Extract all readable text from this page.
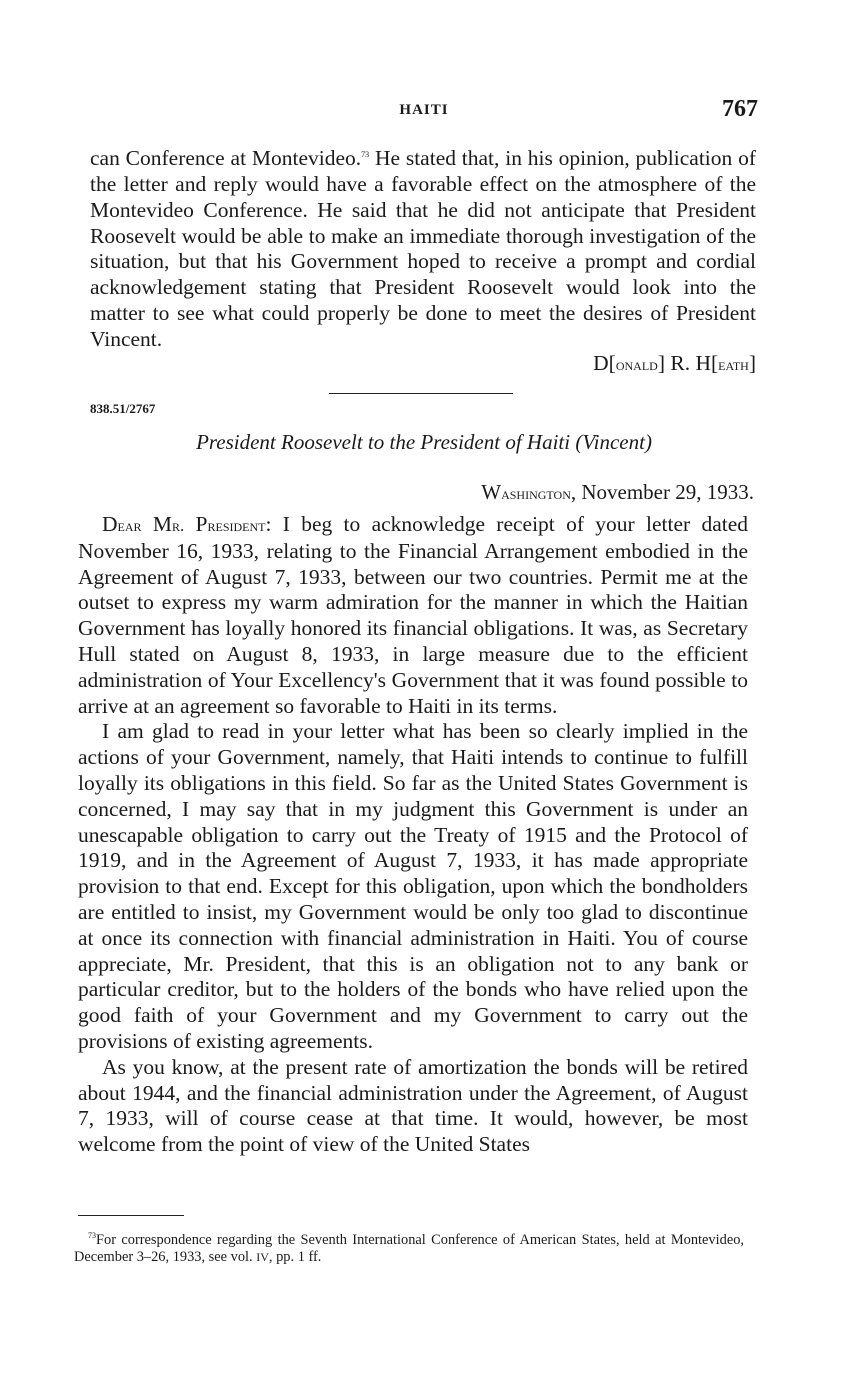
HAITI	767

can Conference at Montevideo.$^{73}$ He stated that, in his opinion, publication of the letter and reply would have a favorable effect on the atmosphere of the Montevideo Conference. He said that he did not anticipate that President Roosevelt would be able to make an immediate thorough investigation of the situation, but that his Government hoped to receive a prompt and cordial acknowledgement stating that President Roosevelt would look into the matter to see what could properly be done to meet the desires of President Vincent.

D[onald] R. H[eath]
838.51/2767
President Roosevelt to the President of Haiti (Vincent)
Washington, November 29, 1933.

Dear Mr. President: I beg to acknowledge receipt of your letter dated November 16, 1933, relating to the Financial Arrangement embodied in the Agreement of August 7, 1933, between our two countries. Permit me at the outset to express my warm admiration for the manner in which the Haitian Government has loyally honored its financial obligations. It was, as Secretary Hull stated on August 8, 1933, in large measure due to the efficient administration of Your Excellency's Government that it was found possible to arrive at an agreement so favorable to Haiti in its terms.

I am glad to read in your letter what has been so clearly implied in the actions of your Government, namely, that Haiti intends to continue to fulfill loyally its obligations in this field. So far as the United States Government is concerned, I may say that in my judgment this Government is under an unescapable obligation to carry out the Treaty of 1915 and the Protocol of 1919, and in the Agreement of August 7, 1933, it has made appropriate provision to that end. Except for this obligation, upon which the bondholders are entitled to insist, my Government would be only too glad to discontinue at once its connection with financial administration in Haiti. You of course appreciate, Mr. President, that this is an obligation not to any bank or particular creditor, but to the holders of the bonds who have relied upon the good faith of your Government and my Government to carry out the provisions of existing agreements.

As you know, at the present rate of amortization the bonds will be retired about 1944, and the financial administration under the Agreement, of August 7, 1933, will of course cease at that time. It would, however, be most welcome from the point of view of the United States

$^{73}$For correspondence regarding the Seventh International Conference of American States, held at Montevideo, December 3–26, 1933, see vol. iv, pp. 1 ff.
